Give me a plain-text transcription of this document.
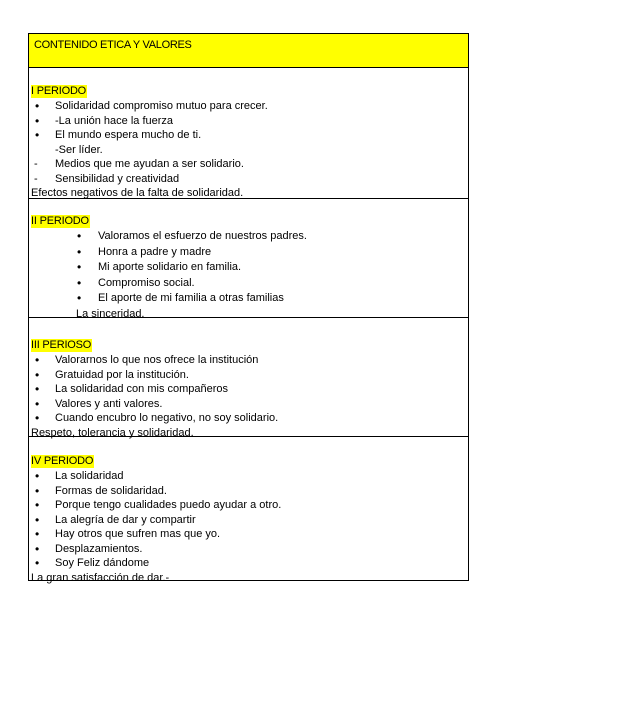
CONTENIDO ETICA Y VALORES
I PERIODO
• Solidaridad compromiso mutuo para crecer.
• -La unión hace la fuerza
• El mundo espera mucho de ti.
-Ser líder.
- Medios que me ayudan a ser solidario.
- Sensibilidad y creatividad
Efectos negativos de la falta de solidaridad.
II PERIODO
• Valoramos el esfuerzo de nuestros padres.
• Honra a padre y madre
• Mi aporte solidario en familia.
• Compromiso social.
• El aporte de mi familia a otras familias
La sinceridad.
III PERIOSO
• Valorarnos lo que nos ofrece la institución
• Gratuidad por la institución.
• La solidaridad con mis compañeros
• Valores y anti valores.
• Cuando encubro lo negativo, no soy solidario.
Respeto, tolerancia y solidaridad.
IV PERIODO
• La solidaridad
• Formas de solidaridad.
• Porque tengo cualidades puedo ayudar a otro.
• La alegría de dar y compartir
• Hay otros que sufren mas que yo.
• Desplazamientos.
• Soy Feliz dándome
La gran satisfacción de dar.-
